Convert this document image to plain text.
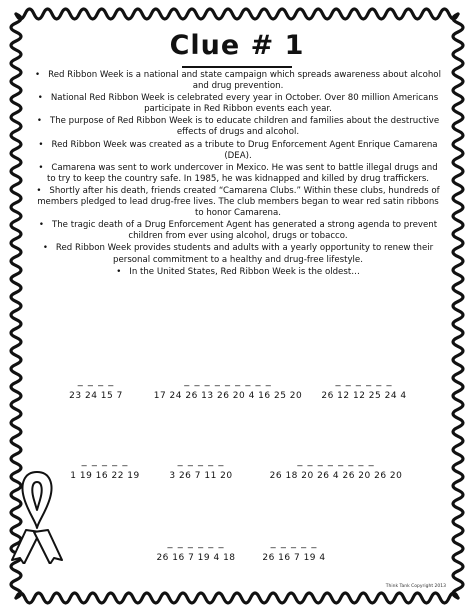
Clue # 1
• Red Ribbon Week is a national and state campaign which spreads awareness about alcohol and drug prevention.
• National Red Ribbon Week is celebrated every year in October. Over 80 million Americans participate in Red Ribbon events each year.
• The purpose of Red Ribbon Week is to educate children and families about the destructive effects of drugs and alcohol.
• Red Ribbon Week was created as a tribute to Drug Enforcement Agent Enrique Camarena (DEA).
• Camarena was sent to work undercover in Mexico. He was sent to battle illegal drugs and to try to keep the country safe. In 1985, he was kidnapped and killed by drug traffickers.
• Shortly after his death, friends created “Camarena Clubs.” Within these clubs, hundreds of members pledged to lead drug-free lives. The club members began to wear red satin ribbons to honor Camarena.
• The tragic death of a Drug Enforcement Agent has generated a strong agenda to prevent children from ever using alcohol, drugs or tobacco.
• Red Ribbon Week provides students and adults with a yearly opportunity to renew their personal commitment to a healthy and drug-free lifestyle.
• In the United States, Red Ribbon Week is the oldest…
_ _ _ _
23 24 15 7
_ _ _ _ _ _ _ _ _
17 24 26 13 26 20 4 16 25 20
_ _ _ _ _ _
26 12 12 25 24 4
_ _ _ _ _
1 19 16 22 19
_ _ _ _ _
3 26 7 11 20
_ _ _ _ _ _ _ _
26 18 20 26 4 26 20 26 20
_ _ _ _ _ _
26 16 7 19 4 18
_ _ _ _ _
26 16 7 19 4
Think Tank Copyright 2013
